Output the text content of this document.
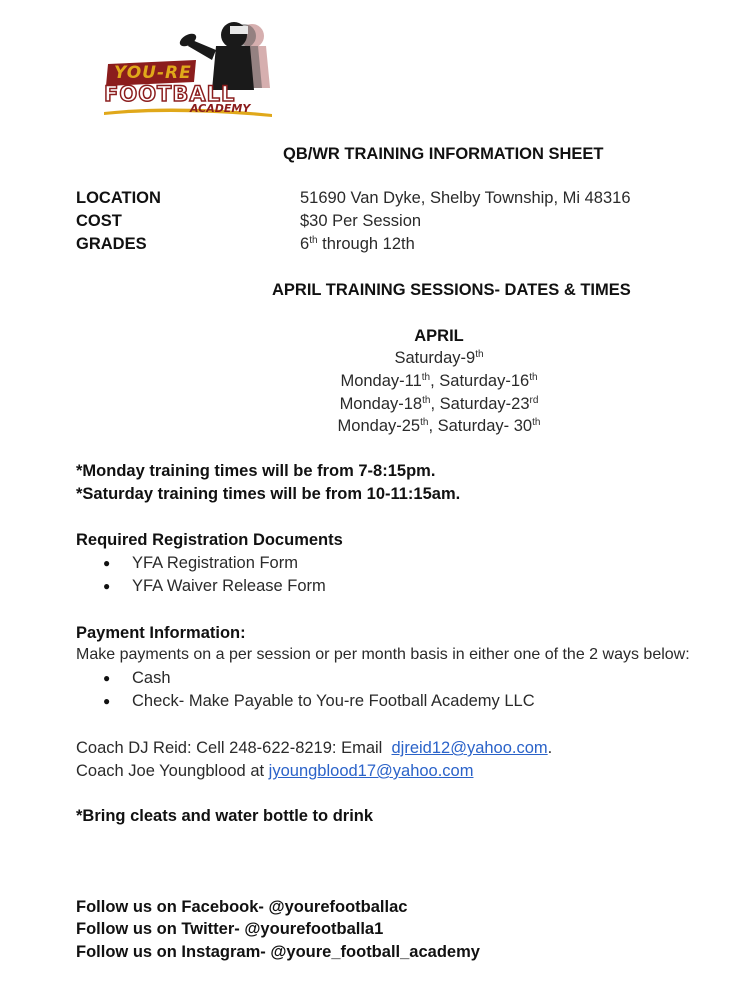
YOU-RE
FOOTBALL
ACADEMY
QB/WR TRAINING INFORMATION SHEET
LOCATION	51690 Van Dyke, Shelby Township, Mi 48316
COST	$30 Per Session
GRADES	6th through 12th
APRIL TRAINING SESSIONS- DATES & TIMES
APRIL
Saturday-9th
Monday-11th, Saturday-16th
Monday-18th, Saturday-23rd
Monday-25th, Saturday- 30th
*Monday training times will be from 7-8:15pm.
*Saturday training times will be from 10-11:15am.
Required Registration Documents
● YFA Registration Form
● YFA Waiver Release Form
Payment Information:
Make payments on a per session or per month basis in either one of the 2 ways below:
● Cash
● Check- Make Payable to You-re Football Academy LLC
Coach DJ Reid: Cell 248-622-8219: Email  djreid12@yahoo.com.
Coach Joe Youngblood at jyoungblood17@yahoo.com
*Bring cleats and water bottle to drink
Follow us on Facebook- @yourefootballac
Follow us on Twitter- @yourefootballa1
Follow us on Instagram- @youre_football_academy
